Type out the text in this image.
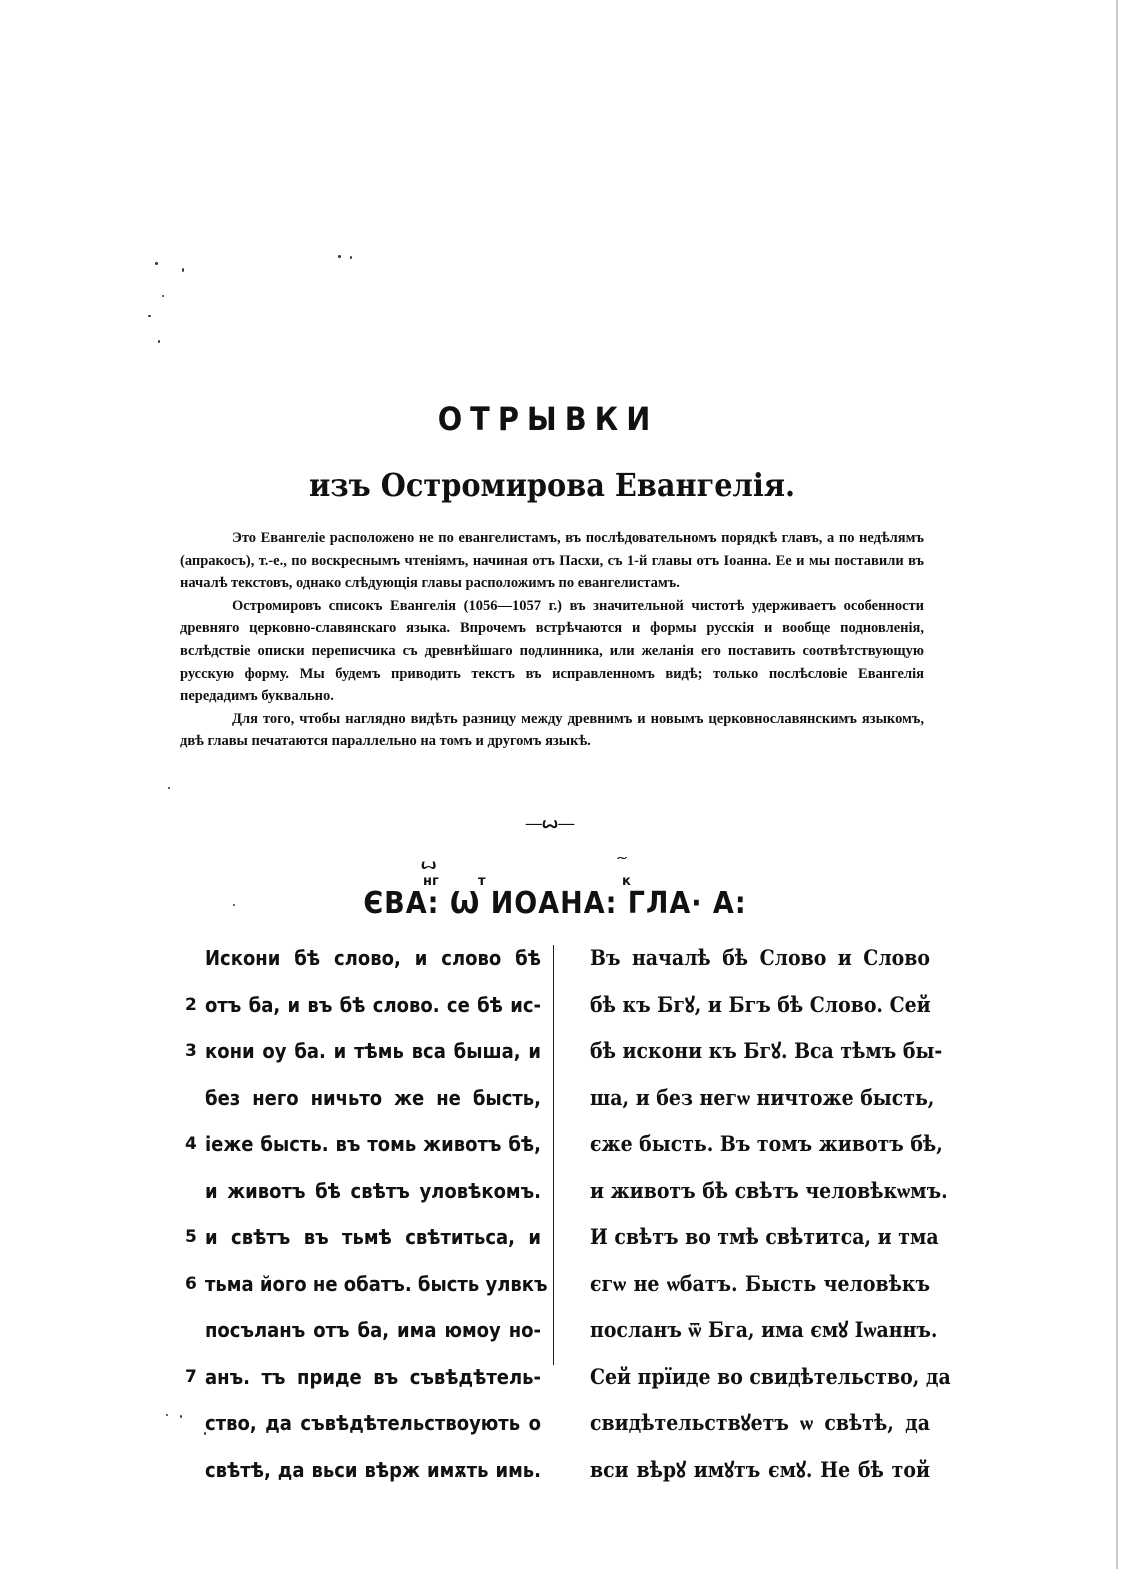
ОТРЫВКИ
изъ Остромирова Евангелія.

Это Евангеліе расположено не по евангелистамъ, въ послѣдовательномъ порядкѣ главъ, а по недѣлямъ (апракосъ), т.-е., по воскреснымъ чтеніямъ, начиная отъ Пасхи, съ 1-й главы отъ Іоанна. Ее и мы поставили въ началѣ текстовъ, однако слѣдующія главы расположимъ по евангелистамъ.

Остромировъ списокъ Евангелія (1056—1057 г.) въ значительной чистотѣ удерживаетъ особенности древняго церковно-славянскаго языка. Впрочемъ встрѣчаются и формы русскія и вообще подновленія, вслѣдствіе описки переписчика съ древнѣйшаго подлинника, или желанія его поставить соотвѣтствующую русскую форму. Мы будемъ приводить текстъ въ исправленномъ видѣ; только послѣсловіе Евангелія передадимъ буквально.

Для того, чтобы наглядно видѣть разницу между древнимъ и новымъ церковнославянскимъ языкомъ, двѣ главы печатаются параллельно на томъ и другомъ языкѣ.

—ꙍ—
ꙍ
нг	т	к
ЄВА: Ѡ ИОАНА: ГЛА· А:
Искони бѣ слово, и слово бѣ
2 отъ ба, и въ бѣ слово. се бѣ ис-
3 кони оу ба. и тѣмь вса быша, и
без него ничьто же не бысть,
4 іеже бысть. въ томь животъ бѣ,
и животъ бѣ свѣтъ уловѣкомъ.
5 и свѣтъ въ тьмѣ свѣтитьса, и
6 тьма його не обатъ. бысть улвкъ
посъланъ отъ ба, има юмоу но-
7 анъ. тъ приде въ съвѣдѣтель-
ство, да съвѣдѣтельствоують о
свѣтѣ, да вьси вѣрж имѫть имь.
Въ началѣ бѣ Слово и Слово
бѣ къ Бгꙋ, и Бгъ бѣ Слово. Сей
бѣ искони къ Бгꙋ. Вса тѣмъ бы-
ша, и без негѡ ничтоже бысть,
єже бысть. Въ томъ животъ бѣ,
и животъ бѣ свѣтъ человѣкѡмъ.
И свѣтъ во тмѣ свѣтитса, и тма
єгѡ не ѡбатъ. Бысть человѣкъ
посланъ ѿ Бга, има ємꙋ Іѡаннъ.
Сей прїиде во свидѣтельство, да
свидѣтельствꙋетъ ѡ свѣтѣ, да
вси вѣрꙋ имꙋтъ ємꙋ. Не бѣ той
